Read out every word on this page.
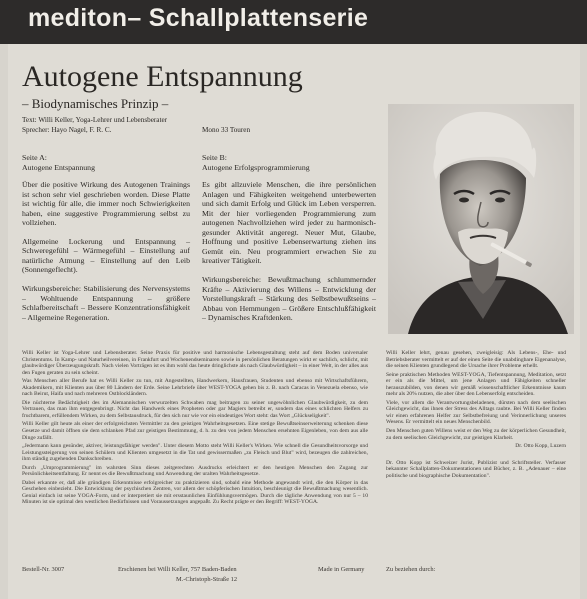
mediton– Schallplattenserie
Autogene Entspannung
– Biodynamisches Prinzip –
Text: Willi Keller, Yoga-Lehrer und Lebensberater
Sprecher: Hayo Nagel, F. R. C.	Mono 33 Touren

Seite A:
Autogene Entspannung

Über die positive Wirkung des Autogenen Trainings ist schon sehr viel geschrieben worden. Diese Platte ist wichtig für alle, die immer noch Schwierigkeiten haben, eine suggestive Programmierung selbst zu vollziehen.

Allgemeine Lockerung und Entspannung – Schweregefühl – Wärmegefühl – Einstellung auf natürliche Atmung – Einstellung auf den Leib (Sonnengeflecht).

Wirkungsbereiche: Stabilisierung des Nervensystems – Wohltuende Entspannung – größere Schlafbereitschaft – Bessere Konzentrationsfähigkeit – Allgemeine Regeneration.

Seite B:
Autogene Erfolgsprogrammierung

Es gibt allzuviele Menschen, die ihre persönlichen Anlagen und Fähigkeiten weitgehend unterbewerten und sich damit Erfolg und Glück im Leben versperren. Mit der hier vorliegenden Programmierung zum autogenen Nachvollziehen wird jeder zu harmonisch-gesunder Aktivität angeregt. Neuer Mut, Glaube, Hoffnung und positive Lebenserwartung ziehen ins Gemüt ein. Neu programmiert erwachen Sie zu kreativer Tätigkeit.

Wirkungsbereiche: Bewußtmachung schlummernder Kräfte – Aktivierung des Willens – Entwicklung der Vorstellungskraft – Stärkung des Selbstbewußtseins – Abbau von Hemmungen – Größere Entschlußfähigkeit – Dynamisches Kraftdenken.

Willi Keller ist Yoga-Lehrer und Lebensberater. Seine Praxis für positive und harmonische Lebensgestaltung steht auf dem Boden universaler Christentums. In Kamp- und Naturheilvereinen, in Frankfurt und Wochenendseminaren sowie in persönlichen Beratungen wirkt er sachlich, schlicht, mit glaubwürdiger Überzeugungskraft. Nach vielen Vorträgen ist es ihm wohl das heute dringlichste als nach Glaubwürdigkeit – in einer Welt, in der alles aus den Fugen geraten zu sein scheint.

Was Menschen aller Berufe hat es Willi Keller zu tun, mit Angestellten, Handwerkern, Hausfrauen, Studenten und ebenso mit Wirtschaftsführern, Akademikern, mit Klienten aus über 80 Ländern der Erde. Seine Lehrbriefe über WEST-YOGA gehen bis z. B. nach Caracas in Venezuela ebenso, wie nach Beirut, Haifa und nach mehreren Ostblockländern.

Die nüchterne Bedächtigkeit des im Alemannischen verwurzelten Schwaben mag beitragen zu seiner ungewöhnlichen Glaubwürdigkeit, zu dem Vertrauen, das man ihm entgegenbringt. Nicht das Handwerk eines Propheten oder gar Magiers betreibt er, sondern das eines schlichten Helfers zu fruchtbarem, erfüllendem Wirken, zu dem Selbstausdruck, für den sich nur wie vor ein eindeutiges Wort steht: das Wort „Glückseligkeit".

Willi Keller gilt heute als einer der erfolgreichsten Vermittler zu den geistigen Wahrheitsgesetzen. Eine stetige Bewußtseinserweiterung schenken diese Gesetze und damit öffnen sie dem schlanken Pfad zur geistigen Bestimmung, d. h. zu den von jedem Menschen ersehnten Eigenleben, von dem aus alle Dinge zufällt.

„Jedermann kann gesünder, aktiver, leistungsfähiger werden". Unter diesem Motto steht Willi Keller's Wirken. Wie schnell die Gesundheitsvorsorge und Leistungssteigerung von seinen Schülern und Klienten umgesetzt in die Tat und gewissermaßen „zu Fleisch und Blut" wird, bezeugen die zahlreichen, ihm ständig zugehenden Dankschreiben.

Durch „Umprogrammierung" im wahrsten Sinn dieses zeitgerechten Ausdrucks erleichtert er den heutigen Menschen den Zugang zur Persönlichkeitsentfaltung. Er nennt es die Bewußtmachung und Anwendung der uralten Wahrheitsgesetze.

Dabei erkannte er, daß alle gründigen Erkenntnisse erfolgreicher zu praktizieren sind, sobald eine Methode angewandt wird, die den Körper in das Geschehen einbezieht. Die Entwicklung der psychischen Zentren, vor allem der schöpferischen Intuition, beschleunigt die Bewußtmachung wesentlich. Genial einfach ist seine YOGA-Form, und er interpretiert sie mit ersstaunlichen Einfühlungsvermögen. Durch die tägliche Anwendung von nur 5 – 10 Minuten ist sie optimal den westlichen Bedürfnissen und Voraussetzungen angepaßt. Zu Recht prägte er den Begriff: WEST-YOGA.

Willi Keller lehrt, genau gesehen, zweigleisig: Als Lebens-, Ehe- und Betriebsberater vermittelt er auf der einen Seite die unabdingbare Eigenanalyse, die seinen Klienten grundlegend die Ursache ihrer Probleme erhellt.

Seine praktischen Methoden WEST-YOGA, Tiefentspannung, Meditation, setzt er ein als die Mittel, um jene Anlagen und Fähigkeiten schneller herauszubilden, von denen wir gemäß wissenschaftlicher Erkenntnisse kaum mehr als 20% nutzen, die aber über den Lebenserfolg entscheiden.

Viele, vor allem die Verantwortungsbeladenen, dürsten nach dem seelischen Gleichgewicht, das ihnen der Stress des Alltags raubte. Bei Willi Keller finden wir einen erfahrenen Helfer zur Selbstbefreiung und Verinnerlichung unseres Wesens. Er vermittelt ein neues Menschenbild.

Den Menschen guten Willens weist er den Weg zu der körperlichen Gesundheit, zu dem seelischen Gleichgewicht, zur geistigen Klarheit.

Dr. Otto Kopp, Luzern

Dr. Otto Kopp ist Schweizer Jurist, Publizist und Schriftsteller. Verfasser bekannter Schallplatten-Dokumentationen und Bücher, z. B. „Adenauer – eine politische und biographische Dokumentation".

Bestell-Nr. 3007	Erschienen bei Willi Keller, 757 Baden-Baden
M.-Christoph-Straße 12
Made in Germany	Zu beziehen durch:
